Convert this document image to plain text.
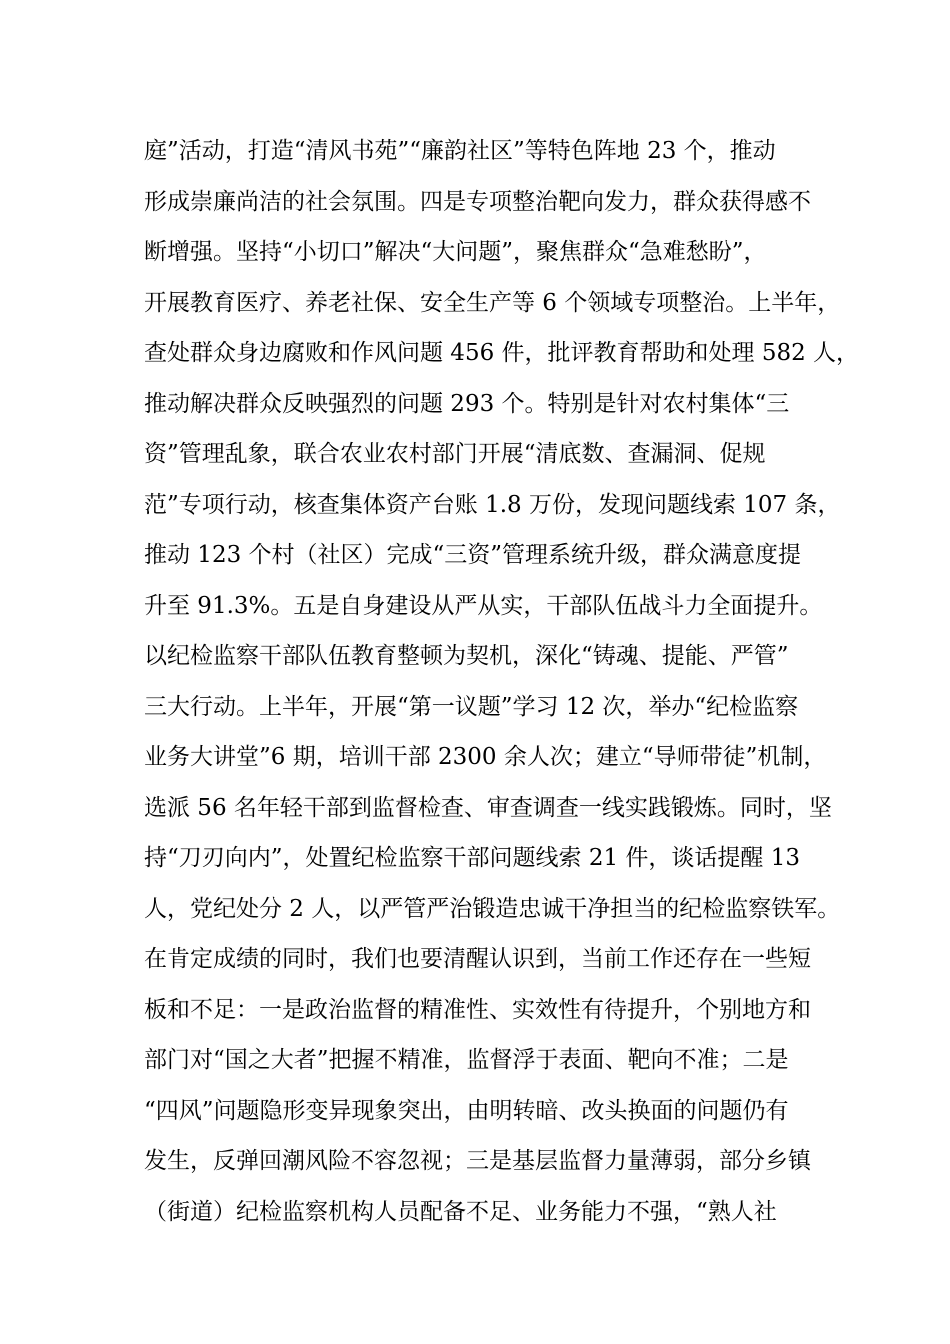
庭”活动，打造“清风书苑”“廉韵社区”等特色阵地 23 个，推动
形成崇廉尚洁的社会氛围。四是专项整治靶向发力，群众获得感不
断增强。坚持“小切口”解决“大问题”，聚焦群众“急难愁盼”，
开展教育医疗、养老社保、安全生产等 6 个领域专项整治。上半年，
查处群众身边腐败和作风问题 456 件，批评教育帮助和处理 582 人，
推动解决群众反映强烈的问题 293 个。特别是针对农村集体“三
资”管理乱象，联合农业农村部门开展“清底数、查漏洞、促规
范”专项行动，核查集体资产台账 1.8 万份，发现问题线索 107 条，
推动 123 个村（社区）完成“三资”管理系统升级，群众满意度提
升至 91.3%。五是自身建设从严从实，干部队伍战斗力全面提升。
以纪检监察干部队伍教育整顿为契机，深化“铸魂、提能、严管”
三大行动。上半年，开展“第一议题”学习 12 次，举办“纪检监察
业务大讲堂”6 期，培训干部 2300 余人次；建立“导师带徒”机制，
选派 56 名年轻干部到监督检查、审查调查一线实践锻炼。同时，坚
持“刀刃向内”，处置纪检监察干部问题线索 21 件，谈话提醒 13
人，党纪处分 2 人，以严管严治锻造忠诚干净担当的纪检监察铁军。
在肯定成绩的同时，我们也要清醒认识到，当前工作还存在一些短
板和不足：一是政治监督的精准性、实效性有待提升，个别地方和
部门对“国之大者”把握不精准，监督浮于表面、靶向不准；二是
“四风”问题隐形变异现象突出，由明转暗、改头换面的问题仍有
发生，反弹回潮风险不容忽视；三是基层监督力量薄弱，部分乡镇
（街道）纪检监察机构人员配备不足、业务能力不强，“熟人社
